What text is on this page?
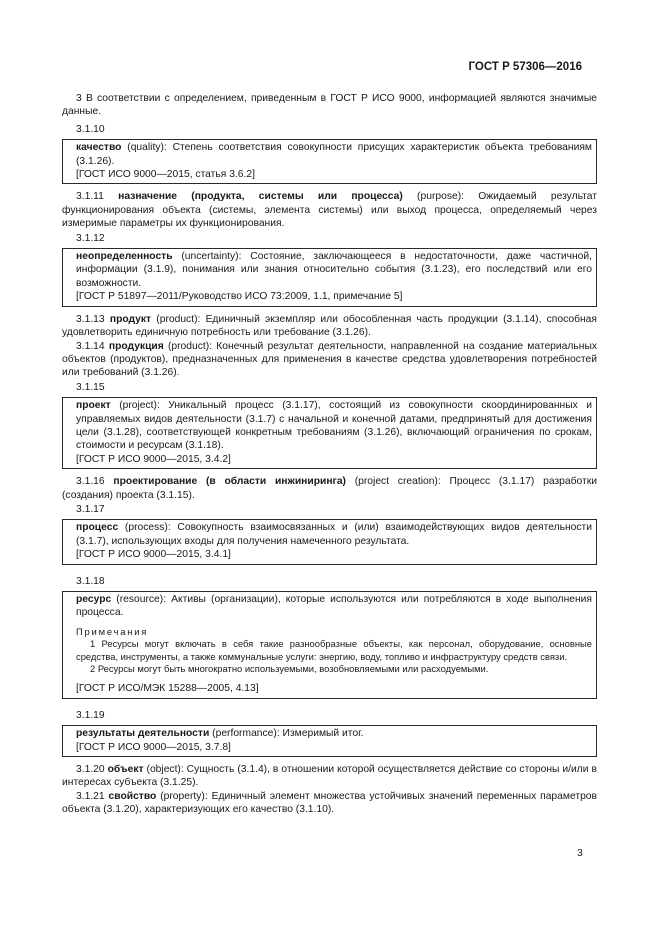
ГОСТ Р 57306—2016

3 В соответствии с определением, приведенным в ГОСТ Р ИСО 9000, информацией являются значимые данные.

3.1.10

качество (quality): Степень соответствия совокупности присущих характеристик объекта требованиям (3.1.26).

[ГОСТ ИСО 9000—2015, статья 3.6.2]

3.1.11 назначение (продукта, системы или процесса) (purpose): Ожидаемый результат функционирования объекта (системы, элемента системы) или выход процесса, определяемый через измеримые параметры их функционирования.

3.1.12

неопределенность (uncertainty): Состояние, заключающееся в недостаточности, даже частичной, информации (3.1.9), понимания или знания относительно события (3.1.23), его последствий или его возможности.

[ГОСТ Р 51897—2011/Руководство ИСО 73:2009, 1.1, примечание 5]

3.1.13 продукт (product): Единичный экземпляр или обособленная часть продукции (3.1.14), способная удовлетворить единичную потребность или требование (3.1.26).

3.1.14 продукция (product): Конечный результат деятельности, направленной на создание материальных объектов (продуктов), предназначенных для применения в качестве средства удовлетворения потребностей или требований (3.1.26).

3.1.15

проект (project): Уникальный процесс (3.1.17), состоящий из совокупности скоординированных и управляемых видов деятельности (3.1.7) с начальной и конечной датами, предпринятый для достижения цели (3.1.28), соответствующей конкретным требованиям (3.1.26), включающий ограничения по срокам, стоимости и ресурсам (3.1.18).

[ГОСТ Р ИСО 9000—2015, 3.4.2]

3.1.16 проектирование (в области инжиниринга) (project creation): Процесс (3.1.17) разработки (создания) проекта (3.1.15).

3.1.17

процесс (process): Совокупность взаимосвязанных и (или) взаимодействующих видов деятельности (3.1.7), использующих входы для получения намеченного результата.

[ГОСТ Р ИСО 9000—2015, 3.4.1]

3.1.18

ресурс (resource): Активы (организации), которые используются или потребляются в ходе выполнения процесса.

Примечания

1 Ресурсы могут включать в себя такие разнообразные объекты, как персонал, оборудование, основные средства, инструменты, а также коммунальные услуги: энергию, воду, топливо и инфраструктуру средств связи.

2 Ресурсы могут быть многократно используемыми, возобновляемыми или расходуемыми.

[ГОСТ Р ИСО/МЭК 15288—2005, 4.13]

3.1.19

результаты деятельности (performance): Измеримый итог.

[ГОСТ Р ИСО 9000—2015, 3.7.8]

3.1.20 объект (object): Сущность (3.1.4), в отношении которой осуществляется действие со стороны и/или в интересах субъекта (3.1.25).

3.1.21 свойство (property): Единичный элемент множества устойчивых значений переменных параметров объекта (3.1.20), характеризующих его качество (3.1.10).

3
